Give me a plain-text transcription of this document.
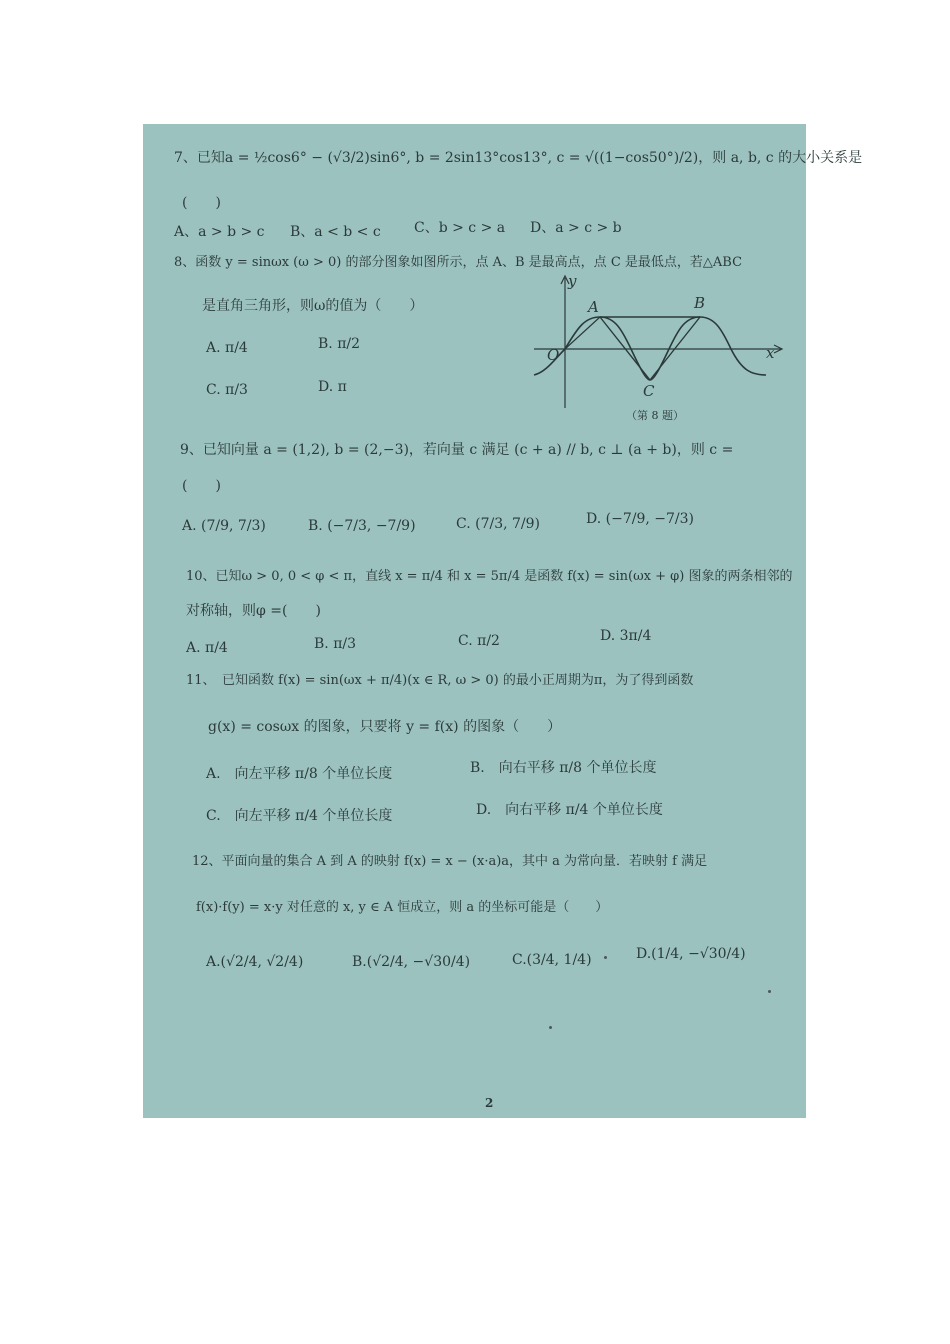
7、已知a = ½cos6° − (√3/2)sin6°, b = 2sin13°cos13°, c = √((1−cos50°)/2)，则 a, b, c 的大小关系是
(　　)
A、a > b > c B、a < b < c C、b > c > a D、a > c > b
8、函数 y = sinωx (ω > 0) 的部分图象如图所示，点 A、B 是最高点，点 C 是最低点，若△ABC
是直角三角形，则ω的值为（　　）
A. π/4	B. π/2
C. π/3	D. π
y
x
O
A	B
C
（第 8 题）
9、已知向量 a = (1,2), b = (2,−3)，若向量 c 满足 (c + a) // b, c ⊥ (a + b)，则 c =
(　　)
A. (7/9, 7/3)	B. (−7/3, −7/9)	C. (7/3, 7/9)	D. (−7/9, −7/3)
10、已知ω > 0, 0 < φ < π，直线 x = π/4 和 x = 5π/4 是函数 f(x) = sin(ωx + φ) 图象的两条相邻的
对称轴，则φ =(　　)
A. π/4	B. π/3	C. π/2	D. 3π/4
11、　已知函数 f(x) = sin(ωx + π/4)(x ∈ R, ω > 0) 的最小正周期为π，为了得到函数
g(x) = cosωx 的图象，只要将 y = f(x) 的图象（　　）
A.　向左平移 π/8 个单位长度	B.　向右平移 π/8 个单位长度
C.　向左平移 π/4 个单位长度	D.　向右平移 π/4 个单位长度
12、平面向量的集合 A 到 A 的映射 f(x) = x − (x·a)a，其中 a 为常向量．若映射 f 满足
f(x)·f(y) = x·y 对任意的 x, y ∈ A 恒成立，则 a 的坐标可能是（　　）
A.(√2/4, √2/4)	B.(√2/4, −√30/4)	C.(3/4, 1/4)	D.(1/4, −√30/4)
2
